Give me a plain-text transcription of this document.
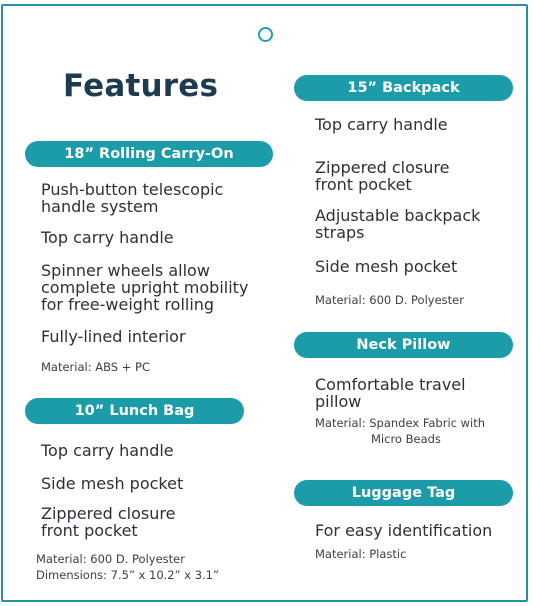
Features
18” Rolling Carry-On
Push-button telescopic
handle system
Top carry handle
Spinner wheels allow
complete upright mobility
for free-weight rolling
Fully-lined interior
Material: ABS + PC
10” Lunch Bag
Top carry handle
Side mesh pocket
Zippered closure
front pocket
Material: 600 D. Polyester
Dimensions: 7.5” x 10.2” x 3.1”
15” Backpack
Top carry handle
Zippered closure
front pocket
Adjustable backpack
straps
Side mesh pocket
Material: 600 D. Polyester
Neck Pillow
Comfortable travel
pillow
Material: Spandex Fabric with
Micro Beads
Luggage Tag
For easy identification
Material: Plastic
